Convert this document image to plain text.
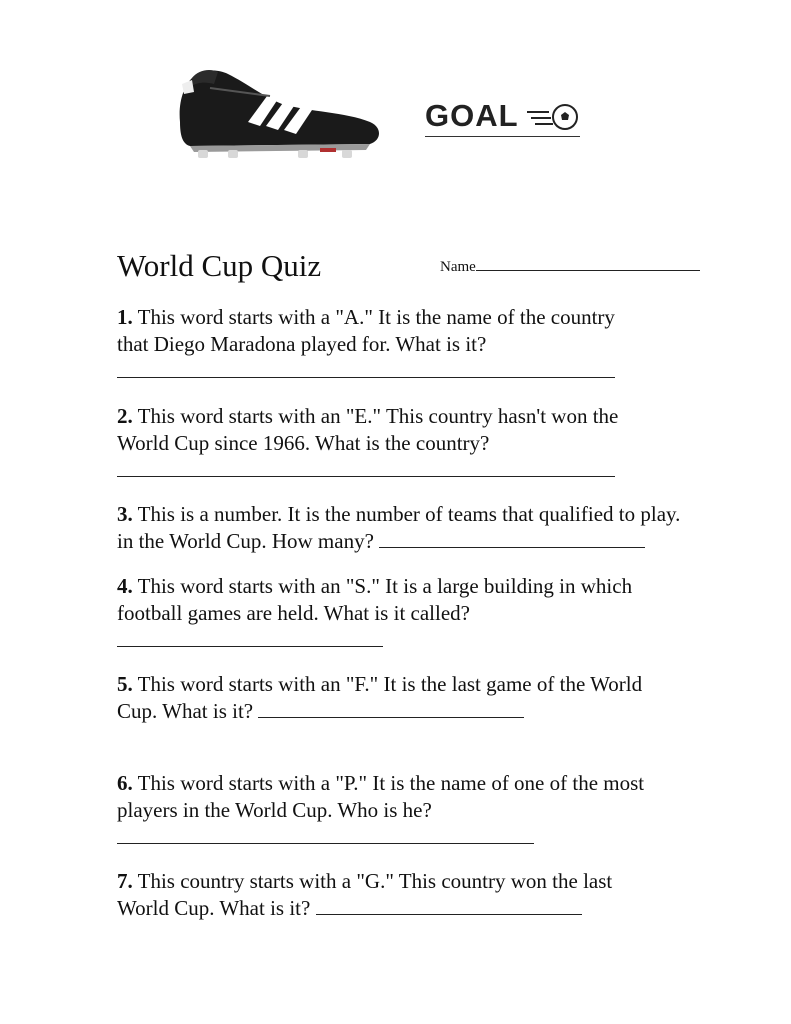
GOAL
World Cup Quiz	Name
1. This word starts with a "A." It is the name of the country
that Diego Maradona played for. What is it?
2. This word starts with an "E." This country hasn't won the
World Cup since 1966. What is the country?
3. This is a number. It is the number of teams that qualified to play.
in the World Cup. How many?
4. This word starts with an "S." It is a large building in which
football games are held. What is it called?
5. This word starts with an "F." It is the last game of the World
Cup. What is it?
6. This word starts with a "P." It is the name of one of the most
players in the World Cup. Who is he?
7. This country starts with a "G." This country won the last
World Cup. What is it?
